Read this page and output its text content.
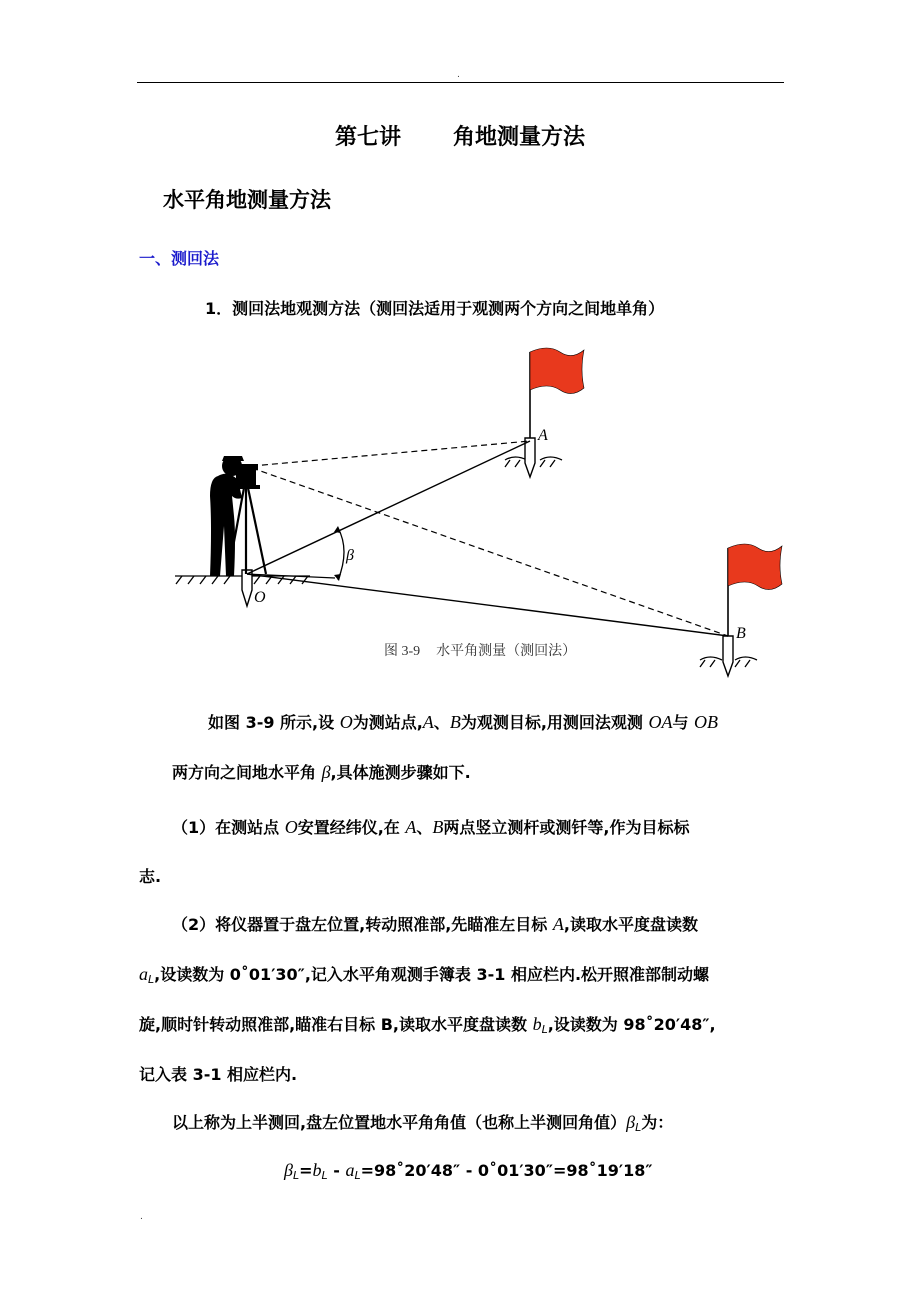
.
第七讲 角地测量方法
水平角地测量方法
一、测回法
1．测回法地观测方法（测回法适用于观测两个方向之间地单角）
A
B
O
β
图 3-9 水平角测量（测回法）
如图 3-9 所示,设 O为测站点,A、B为观测目标,用测回法观测 OA与 OB
两方向之间地水平角 β,具体施测步骤如下.
（1）在测站点 O安置经纬仪,在 A、B两点竖立测杆或测钎等,作为目标标
志.
（2）将仪器置于盘左位置,转动照准部,先瞄准左目标 A,读取水平度盘读数
$a_L$,设读数为 0˚01′30″,记入水平角观测手簿表 3-1 相应栏内.松开照准部制动螺
旋,顺时针转动照准部,瞄准右目标 B,读取水平度盘读数 $b_L$,设读数为 98˚20′48″,
记入表 3-1 相应栏内.
以上称为上半测回,盘左位置地水平角角值（也称上半测回角值）$\beta_L$为：
$\beta_L=b_L$ - $a_L=98˚20'48''$ - 0˚01′30″=98˚19′18″
.
